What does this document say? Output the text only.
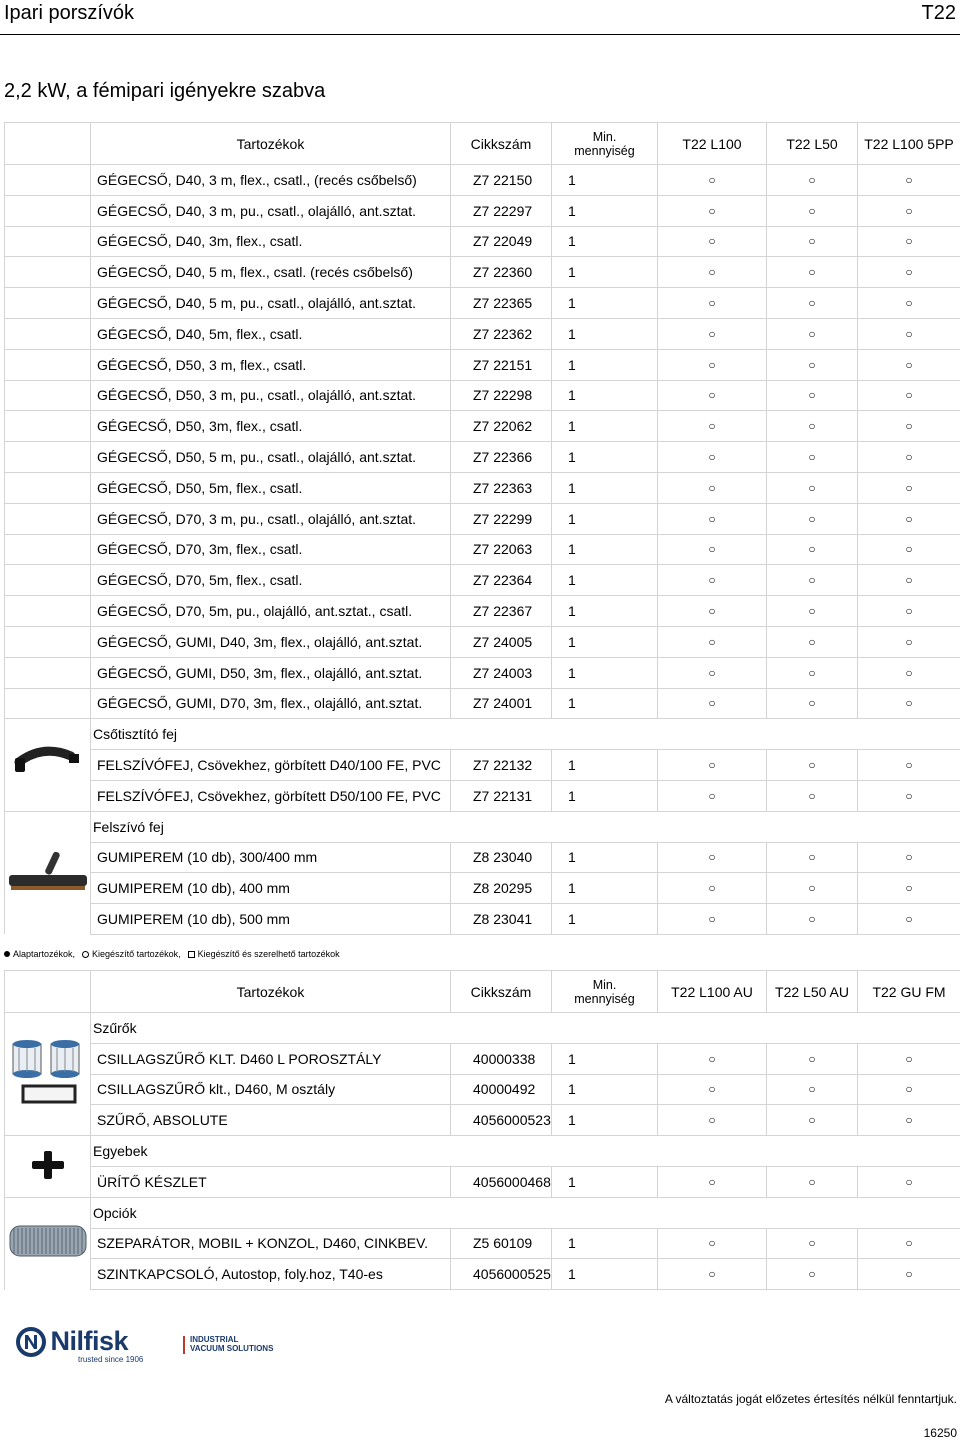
Ipari porszívók	T22
2,2 kW, a fémipari igényekre szabva
	Tartozékok	Cikkszám	Min.
mennyiség	T22 L100	T22 L50	T22 L100 5PP
	GÉGECSŐ, D40, 3 m, flex., csatl., (recés csőbelső)	Z7 22150	1	○	○	○
	GÉGECSŐ, D40, 3 m, pu., csatl., olajálló, ant.sztat.	Z7 22297	1	○	○	○
	GÉGECSŐ, D40, 3m, flex., csatl.	Z7 22049	1	○	○	○
	GÉGECSŐ, D40, 5 m, flex., csatl. (recés csőbelső)	Z7 22360	1	○	○	○
	GÉGECSŐ, D40, 5 m, pu., csatl., olajálló, ant.sztat.	Z7 22365	1	○	○	○
	GÉGECSŐ, D40, 5m, flex., csatl.	Z7 22362	1	○	○	○
	GÉGECSŐ, D50, 3 m, flex., csatl.	Z7 22151	1	○	○	○
	GÉGECSŐ, D50, 3 m, pu., csatl., olajálló, ant.sztat.	Z7 22298	1	○	○	○
	GÉGECSŐ, D50, 3m, flex., csatl.	Z7 22062	1	○	○	○
	GÉGECSŐ, D50, 5 m, pu., csatl., olajálló, ant.sztat.	Z7 22366	1	○	○	○
	GÉGECSŐ, D50, 5m, flex., csatl.	Z7 22363	1	○	○	○
	GÉGECSŐ, D70, 3 m, pu., csatl., olajálló, ant.sztat.	Z7 22299	1	○	○	○
	GÉGECSŐ, D70, 3m, flex., csatl.	Z7 22063	1	○	○	○
	GÉGECSŐ, D70, 5m, flex., csatl.	Z7 22364	1	○	○	○
	GÉGECSŐ, D70, 5m, pu., olajálló, ant.sztat., csatl.	Z7 22367	1	○	○	○
	GÉGECSŐ, GUMI, D40, 3m, flex., olajálló, ant.sztat.	Z7 24005	1	○	○	○
	GÉGECSŐ, GUMI, D50, 3m, flex., olajálló, ant.sztat.	Z7 24003	1	○	○	○
	GÉGECSŐ, GUMI, D70, 3m, flex., olajálló, ant.sztat.	Z7 24001	1	○	○	○
	Csőtisztító fej					
	FELSZÍVÓFEJ, Csövekhez, görbített D40/100 FE, PVC	Z7 22132	1	○	○	○
	FELSZÍVÓFEJ, Csövekhez, görbített D50/100 FE, PVC	Z7 22131	1	○	○	○
	Felszívó fej					
	GUMIPEREM (10 db), 300/400 mm	Z8 23040	1	○	○	○
	GUMIPEREM (10 db), 400 mm	Z8 20295	1	○	○	○
	GUMIPEREM (10 db), 500 mm	Z8 23041	1	○	○	○
Alaptartozékok, Kiegészítő tartozékok, Kiegészítő és szerelhető tartozékok
	Tartozékok	Cikkszám	Min.
mennyiség	T22 L100 AU	T22 L50 AU	T22 GU FM
	Szűrők					
	CSILLAGSZŰRŐ KLT. D460 L POROSZTÁLY	40000338	1	○	○	○
	CSILLAGSZŰRŐ klt., D460, M osztály	40000492	1	○	○	○
	SZŰRŐ, ABSOLUTE	4056000523	1	○	○	○
	Egyebek					
	ÜRÍTŐ KÉSZLET	4056000468	1	○	○	○
	Opciók					
	SZEPARÁTOR, MOBIL + KONZOL, D460, CINKBEV.	Z5 60109	1	○	○	○
	SZINTKAPCSOLÓ, Autostop, foly.hoz, T40-es	4056000525	1	○	○	○
Nilfisk
trusted since 1906
INDUSTRIAL
VACUUM SOLUTIONS
A változtatás jogát előzetes értesítés nélkül fenntartjuk.
16250
